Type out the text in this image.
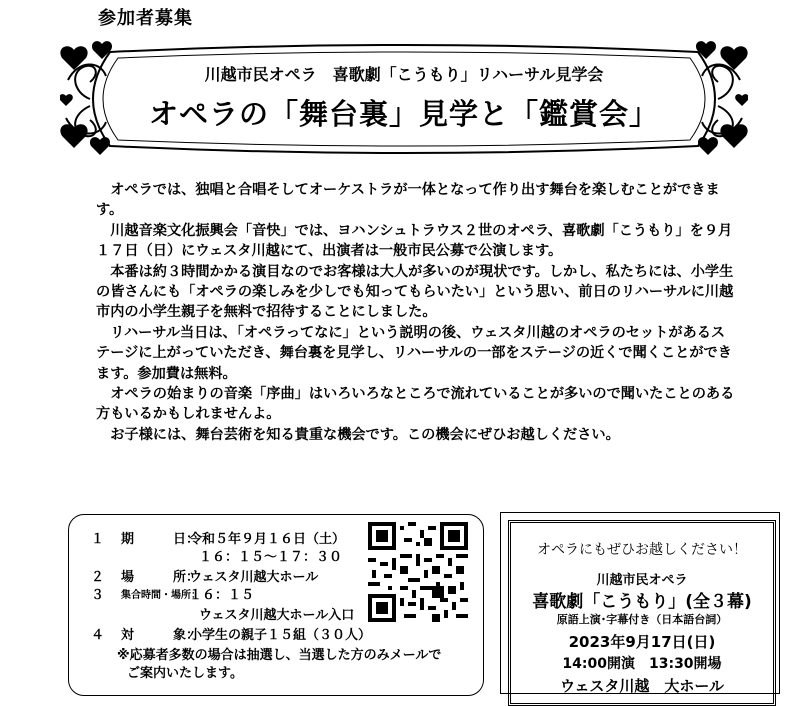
参加者募集
川越市民オペラ　喜歌劇「こうもり」リハーサル見学会
オペラの「舞台裏」見学と「鑑賞会」

オペラでは、独唱と合唱そしてオーケストラが一体となって作り出す舞台を楽しむことができます。

川越音楽文化振興会「音快」では、ヨハンシュトラウス２世のオペラ、喜歌劇「こうもり」を９月１７日（日）にウェスタ川越にて、出演者は一般市民公募で公演します。

本番は約３時間かかる演目なのでお客様は大人が多いのが現状です。しかし、私たちには、小学生の皆さんにも「オペラの楽しみを少しでも知ってもらいたい」という思い、前日のリハーサルに川越市内の小学生親子を無料で招待することにしました。

リハーサル当日は、「オペラってなに」という説明の後、ウェスタ川越のオペラのセットがあるステージに上がっていただき、舞台裏を見学し、リハーサルの一部をステージの近くで聞くことができます。参加費は無料。

オペラの始まりの音楽「序曲」はいろいろなところで流れていることが多いので聞いたことのある方もいるかもしれませんよ。

お子様には、舞台芸術を知る貴重な機会です。この機会にぜひお越しください。

１ 期　　　日：
令和５年９月１６日（土）
１６：１５～１７：３０
２ 場　　　所：
ウェスタ川越大ホール
３ 集合時間・場所：
１６：１５
ウェスタ川越大ホール入口
４ 対　　　象：
小学生の親子１５組（３０人）
※応募者多数の場合は抽選し、当選した方のみメールで
ご案内いたします。
オペラにもぜひお越しください！
川越市民オペラ
喜歌劇「こうもり」(全３幕)
原語上演･字幕付き（日本語台詞）
2023年9月17日(日)
14:00開演　13:30開場
ウェスタ川越　大ホール
